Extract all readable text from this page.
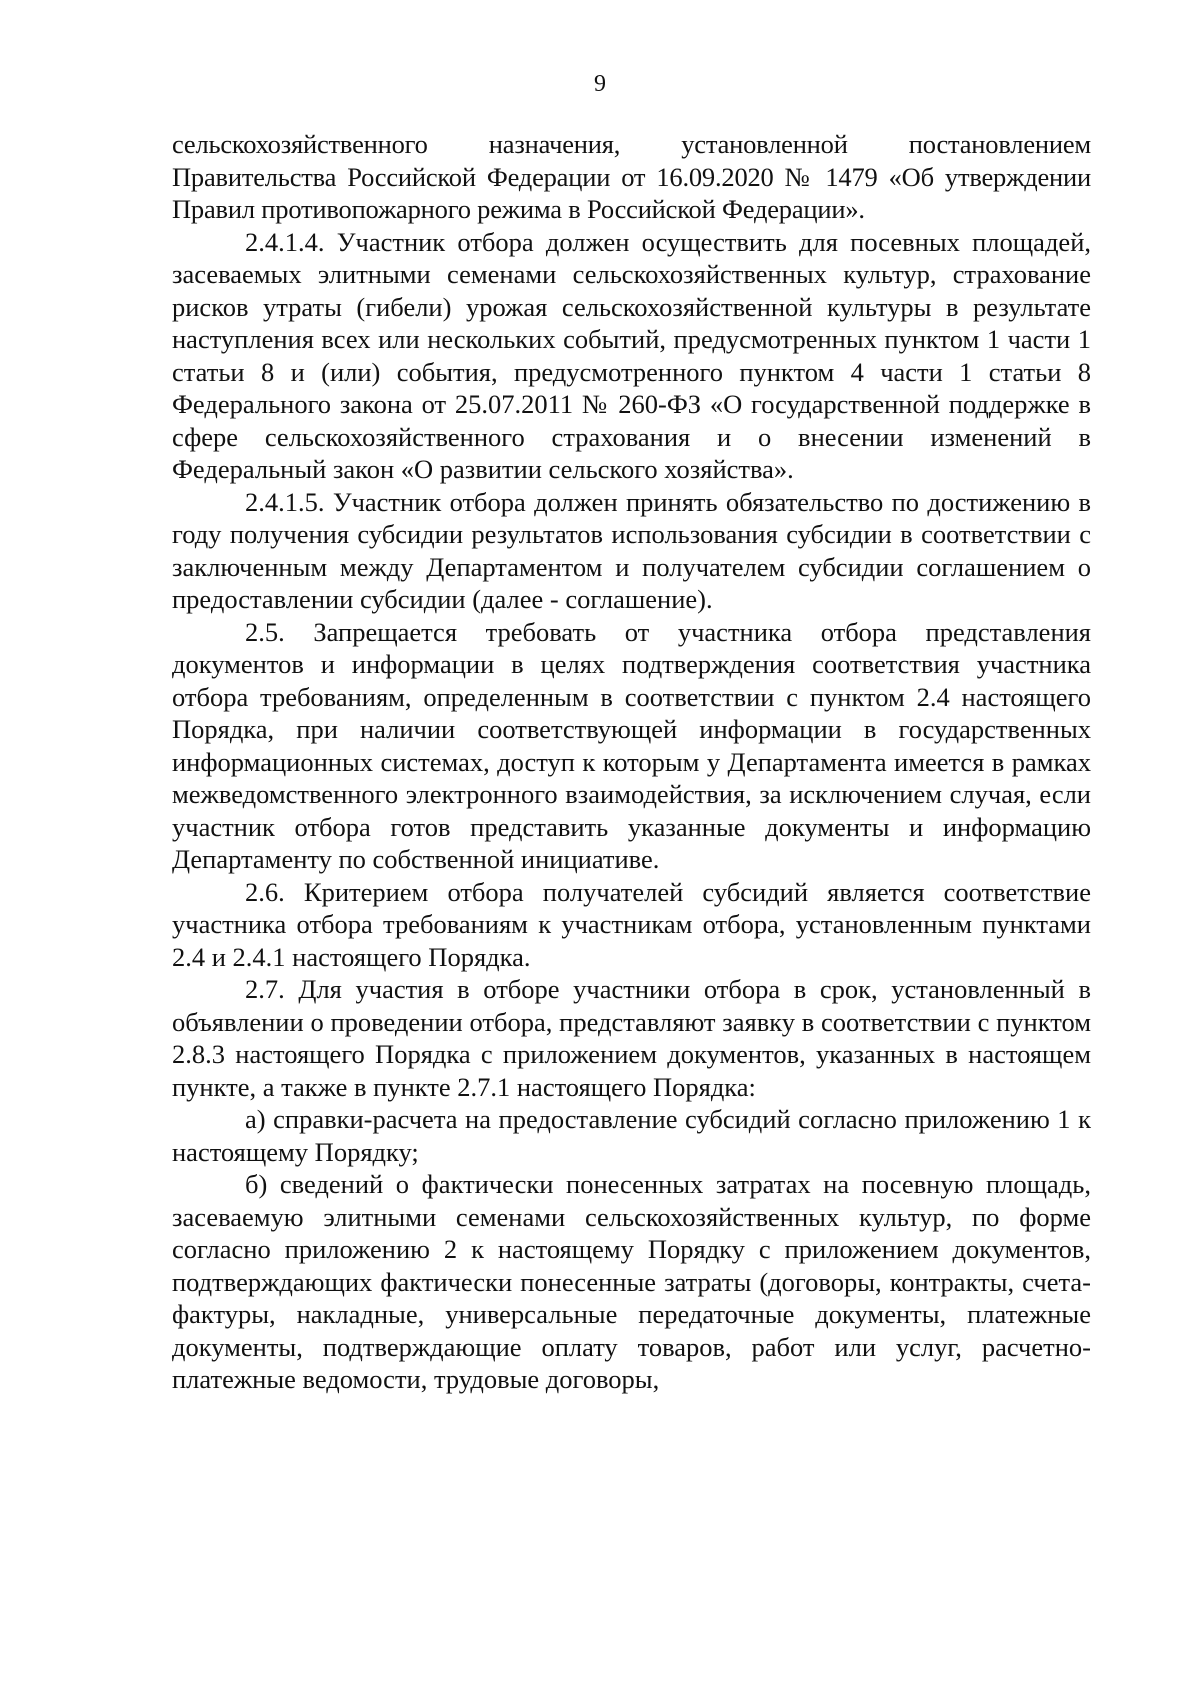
9

сельскохозяйственного назначения, установленной постановлением Правительства Российской Федерации от 16.09.2020 № 1479 «Об утверждении Правил противопожарного режима в Российской Федерации».

2.4.1.4. Участник отбора должен осуществить для посевных площадей, засеваемых элитными семенами сельскохозяйственных культур, страхование рисков утраты (гибели) урожая сельскохозяйственной культуры в результате наступления всех или нескольких событий, предусмотренных пунктом 1 части 1 статьи 8 и (или) события, предусмотренного пунктом 4 части 1 статьи 8 Федерального закона от 25.07.2011 № 260-ФЗ «О государственной поддержке в сфере сельскохозяйственного страхования и о внесении изменений в Федеральный закон «О развитии сельского хозяйства».

2.4.1.5. Участник отбора должен принять обязательство по достижению в году получения субсидии результатов использования субсидии в соответствии с заключенным между Департаментом и получателем субсидии соглашением о предоставлении субсидии (далее - соглашение).

2.5. Запрещается требовать от участника отбора представления документов и информации в целях подтверждения соответствия участника отбора требованиям, определенным в соответствии с пунктом 2.4 настоящего Порядка, при наличии соответствующей информации в государственных информационных системах, доступ к которым у Департамента имеется в рамках межведомственного электронного взаимодействия, за исключением случая, если участник отбора готов представить указанные документы и информацию Департаменту по собственной инициативе.

2.6. Критерием отбора получателей субсидий является соответствие участника отбора требованиям к участникам отбора, установленным пунктами 2.4 и 2.4.1 настоящего Порядка.

2.7. Для участия в отборе участники отбора в срок, установленный в объявлении о проведении отбора, представляют заявку в соответствии с пунктом 2.8.3 настоящего Порядка с приложением документов, указанных в настоящем пункте, а также в пункте 2.7.1 настоящего Порядка:

а) справки-расчета на предоставление субсидий согласно приложению 1 к настоящему Порядку;

б) сведений о фактически понесенных затратах на посевную площадь, засеваемую элитными семенами сельскохозяйственных культур, по форме согласно приложению 2 к настоящему Порядку с приложением документов, подтверждающих фактически понесенные затраты (договоры, контракты, счета-фактуры, накладные, универсальные передаточные документы, платежные документы, подтверждающие оплату товаров, работ или услуг, расчетно-платежные ведомости, трудовые договоры,
